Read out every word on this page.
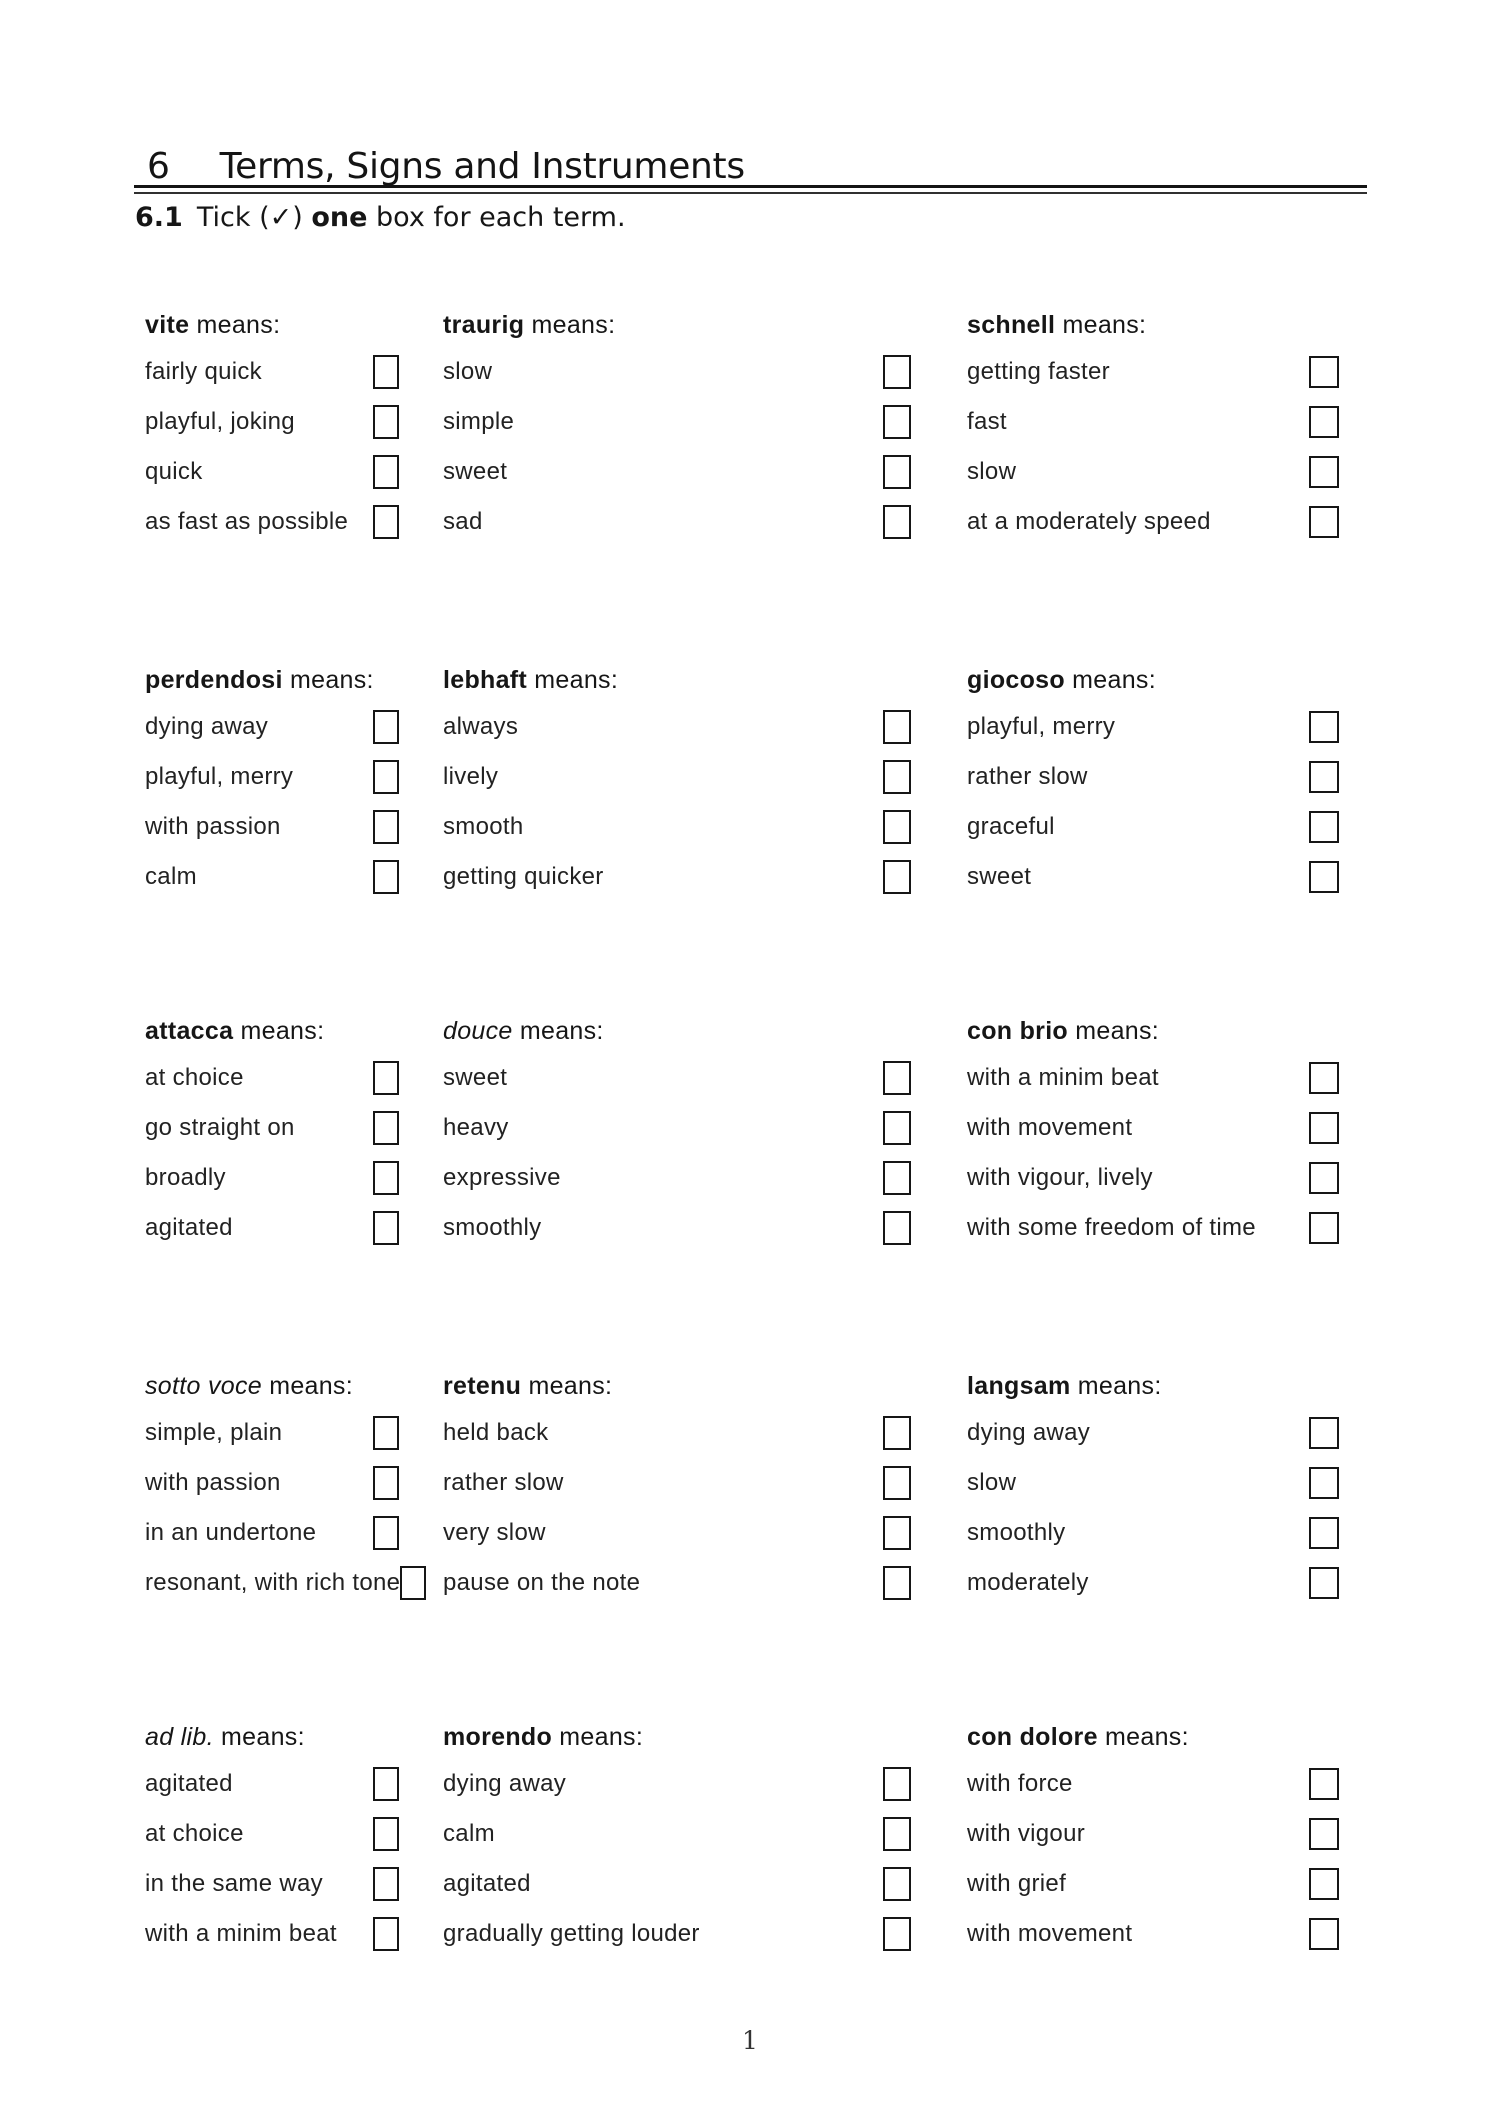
6 Terms, Signs and Instruments
6.1 Tick (✓) one box for each term.
vite means:
fairly quick
playful, joking
quick
as fast as possible
traurig means:
slow
simple
sweet
sad
schnell means:
getting faster
fast
slow
at a moderately speed
perdendosi means:
dying away
playful, merry
with passion
calm
lebhaft means:
always
lively
smooth
getting quicker
giocoso means:
playful, merry
rather slow
graceful
sweet
attacca means:
at choice
go straight on
broadly
agitated
douce means:
sweet
heavy
expressive
smoothly
con brio means:
with a minim beat
with movement
with vigour, lively
with some freedom of time
sotto voce means:
simple, plain
with passion
in an undertone
resonant, with rich tone
retenu means:
held back
rather slow
very slow
pause on the note
langsam means:
dying away
slow
smoothly
moderately
ad lib. means:
agitated
at choice
in the same way
with a minim beat
morendo means:
dying away
calm
agitated
gradually getting louder
con dolore means:
with force
with vigour
with grief
with movement
1
